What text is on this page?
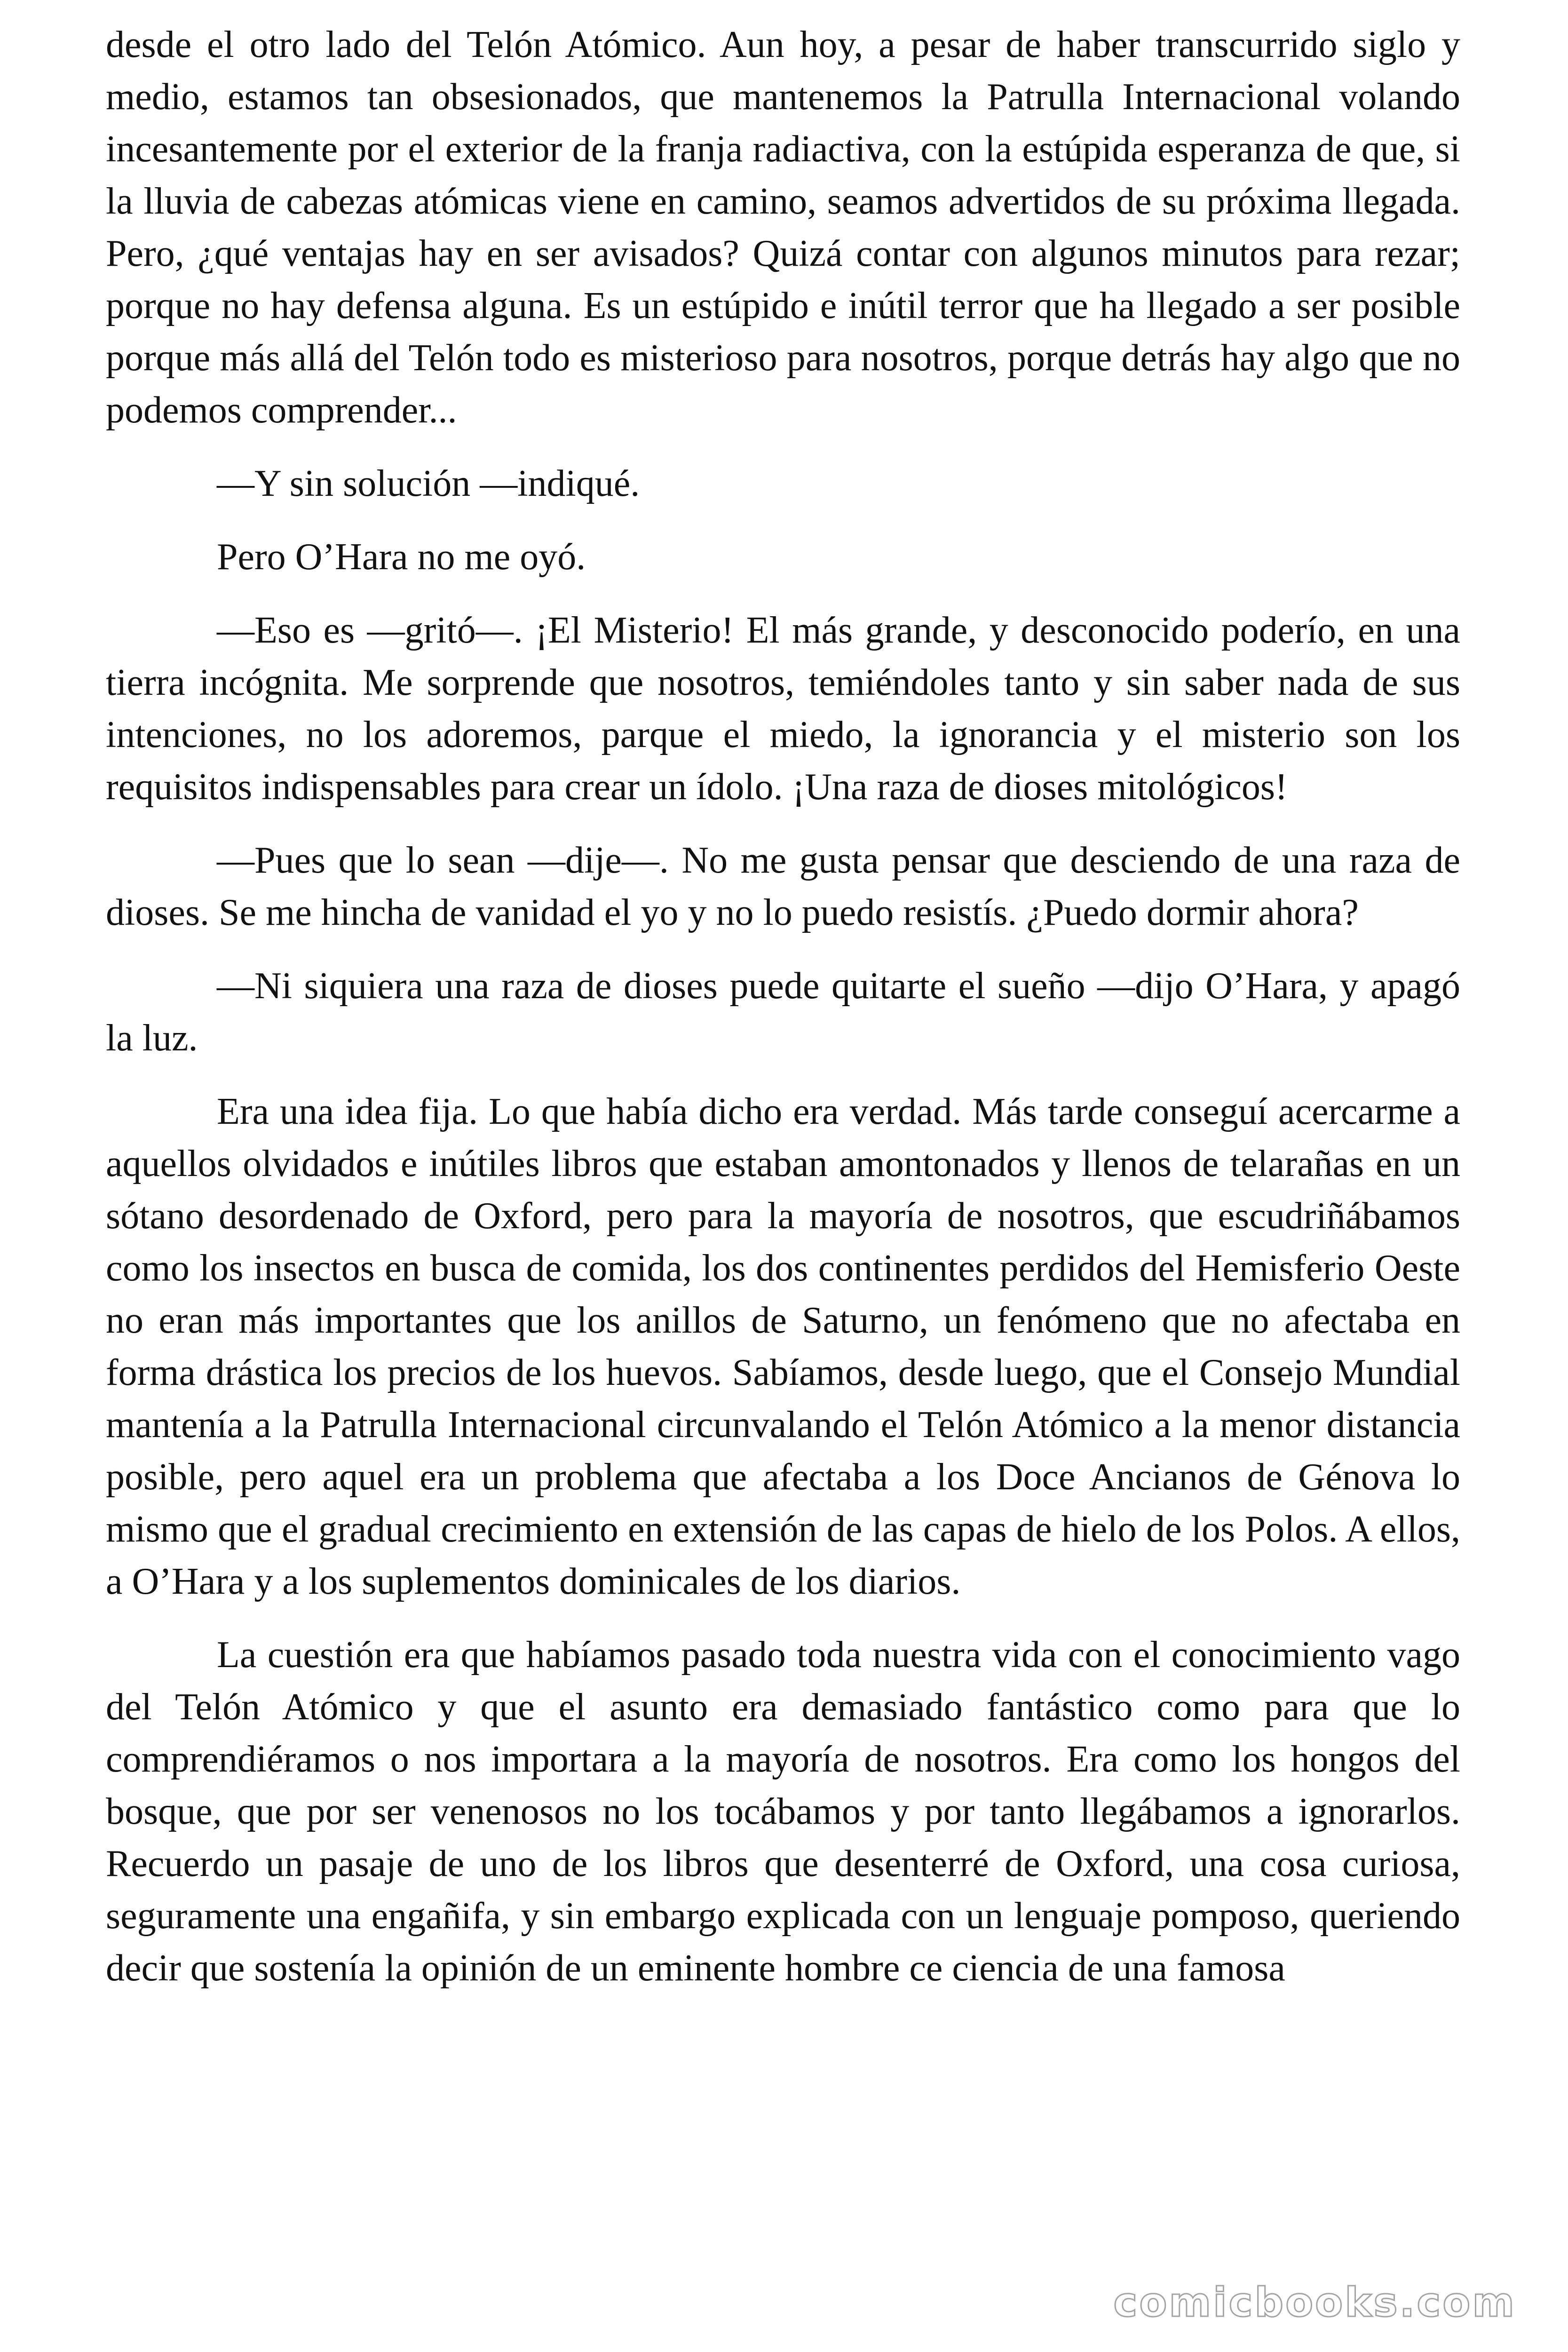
desde el otro lado del Telón Atómico. Aun hoy, a pesar de haber transcurrido siglo y medio, estamos tan obsesionados, que mantenemos la Patrulla Internacional volando incesantemente por el exterior de la franja radiactiva, con la estúpida esperanza de que, si la lluvia de cabezas atómicas viene en camino, seamos advertidos de su próxima llegada. Pero, ¿qué ventajas hay en ser avisados? Quizá contar con algunos minutos para rezar; porque no hay defensa alguna. Es un estúpido e inútil terror que ha llegado a ser posible porque más allá del Telón todo es misterioso para nosotros, porque detrás hay algo que no podemos comprender...

—Y sin solución —indiqué.

Pero O’Hara no me oyó.

—Eso es —gritó—. ¡El Misterio! El más grande, y desconocido poderío, en una tierra incógnita. Me sorprende que nosotros, temiéndoles tanto y sin saber nada de sus intenciones, no los adoremos, parque el miedo, la ignorancia y el misterio son los requisitos indispensables para crear un ídolo. ¡Una raza de dioses mitológicos!

—Pues que lo sean —dije—. No me gusta pensar que desciendo de una raza de dioses. Se me hincha de vanidad el yo y no lo puedo resistís. ¿Puedo dormir ahora?

—Ni siquiera una raza de dioses puede quitarte el sueño —dijo O’Hara, y apagó la luz.

Era una idea fija. Lo que había dicho era verdad. Más tarde conseguí acercarme a aquellos olvidados e inútiles libros que estaban amontonados y llenos de telarañas en un sótano desordenado de Oxford, pero para la mayoría de nosotros, que escudriñábamos como los insectos en busca de comida, los dos continentes perdidos del Hemisferio Oeste no eran más importantes que los anillos de Saturno, un fenómeno que no afectaba en forma drástica los precios de los huevos. Sabíamos, desde luego, que el Consejo Mundial mantenía a la Patrulla Internacional circunvalando el Telón Atómico a la menor distancia posible, pero aquel era un problema que afectaba a los Doce Ancianos de Génova lo mismo que el gradual crecimiento en extensión de las capas de hielo de los Polos. A ellos, a O’Hara y a los suplementos dominicales de los diarios.

La cuestión era que habíamos pasado toda nuestra vida con el conocimiento vago del Telón Atómico y que el asunto era demasiado fantástico como para que lo comprendiéramos o nos importara a la mayoría de nosotros. Era como los hongos del bosque, que por ser venenosos no los tocábamos y por tanto llegábamos a ignorarlos. Recuerdo un pasaje de uno de los libros que desenterré de Oxford, una cosa curiosa, seguramente una engañifa, y sin embargo explicada con un lenguaje pomposo, queriendo decir que sostenía la opinión de un eminente hombre ce ciencia de una famosa

comicbooks.com
